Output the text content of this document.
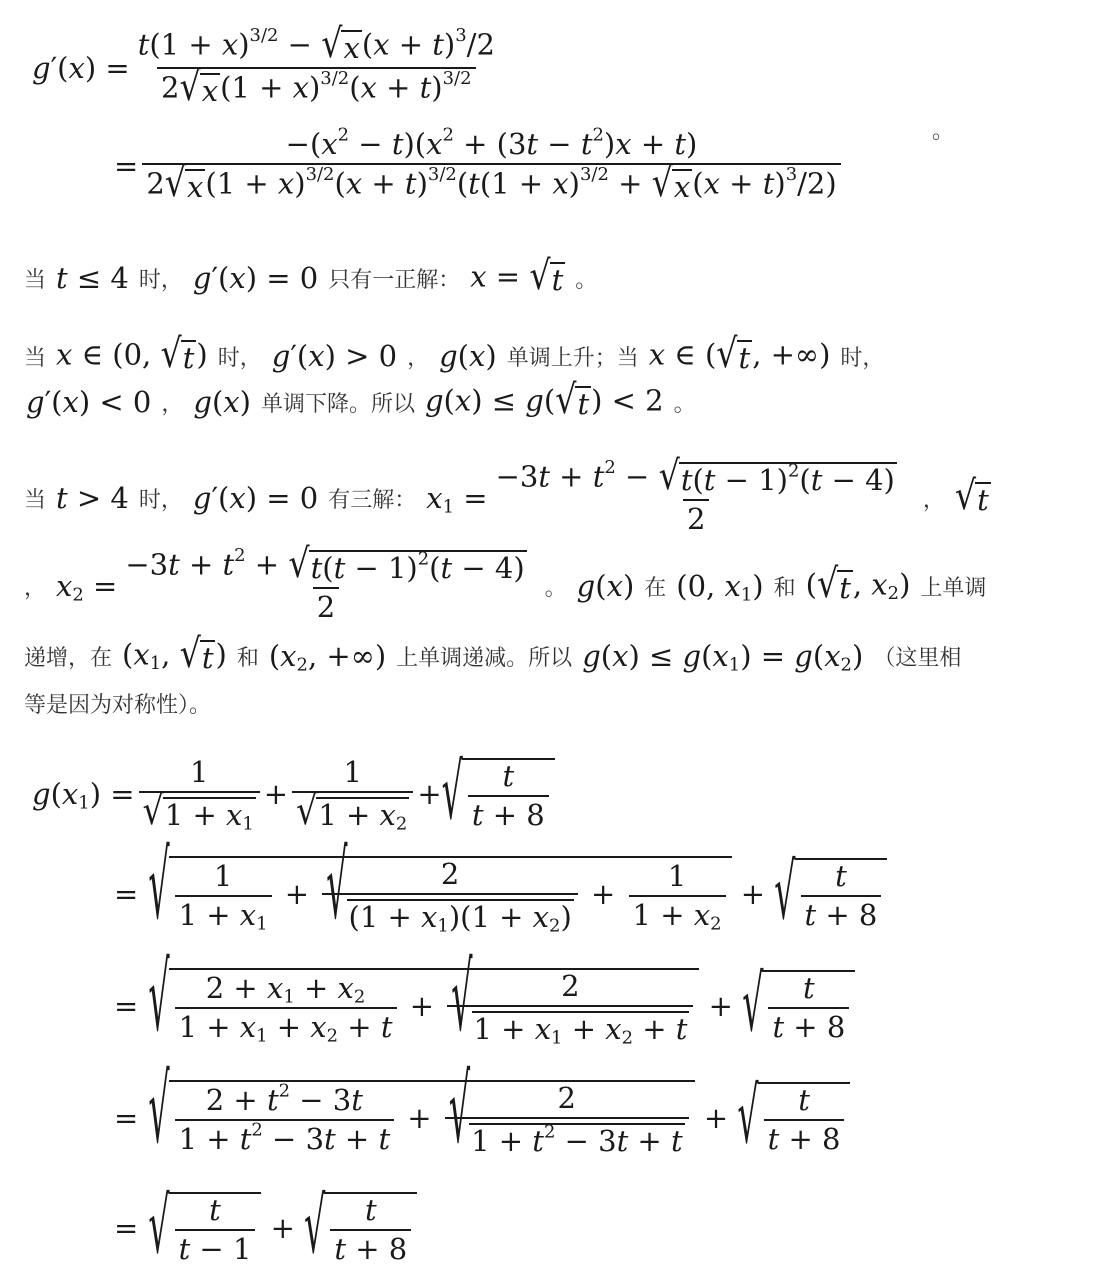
$g'(x) = \frac{t(1 + x)^{3/2} - √ x (x + t)^3/2}{2 √ x (1 + x)^{3/2}(x + t)^{3/2}}$
= $\frac{-(x^2 - t)(x^2 + (3t - t^2)x + t)}{2 √ x (1 + x)^{3/2}(x + t)^{3/2}(t(1 + x)^{3/2} + √ x (x + t)^3/2)}$	。
当 t ≤ 4 时， g′(x) = 0 只有一正解： x = √ t 。
当 x ∈ (0, √ t ) 时， g′(x) > 0 ， g(x) 单调上升；当 x ∈ ( √ t , +∞) 时，
g′(x) < 0 ， g(x) 单调下降。所以 g(x) ≤ g( √ t ) < 2 。
当 t > 4 时， g′(x) = 0 有三解： $x_1 = \frac{-3t + t^2 - √ t(t - 1)^2(t - 4)}{2}$ ， √ t
， $x_2 = \frac{-3t + t^2 + √ t(t - 1)^2(t - 4)}{2}$ 。 g(x) 在 (0, $x_1$) 和 ( √ t , $x_2$) 上单调
递增，在 ($x_1$, √ t ) 和 ($x_2$, +∞) 上单调递减。所以 $g(x) \le g(x_1) = g(x_2)$ （这里相
等是因为对称性）。
$g(x_1) = \frac{1}{√ 1 + x_1} + \frac{1}{√ 1 + x_2}$ + √ $\frac{t}{t + 8}$
= √ $\frac{1}{1 + x_1} + \frac{2}{√ (1 + x_1)(1 + x_2)} + \frac{1}{1 + x_2}$ + √ $\frac{t}{t + 8}$
= √ $\frac{2 + x_1 + x_2}{1 + x_1 + x_2 + t} + \frac{2}{√ 1 + x_1 + x_2 + t}$ + √ $\frac{t}{t + 8}$
= √ $\frac{2 + t^2 - 3t}{1 + t^2 - 3t + t} + \frac{2}{√ 1 + t^2 - 3t + t}$ + √ $\frac{t}{t + 8}$
= √ $\frac{t}{t - 1}$ + √ $\frac{t}{t + 8}$
